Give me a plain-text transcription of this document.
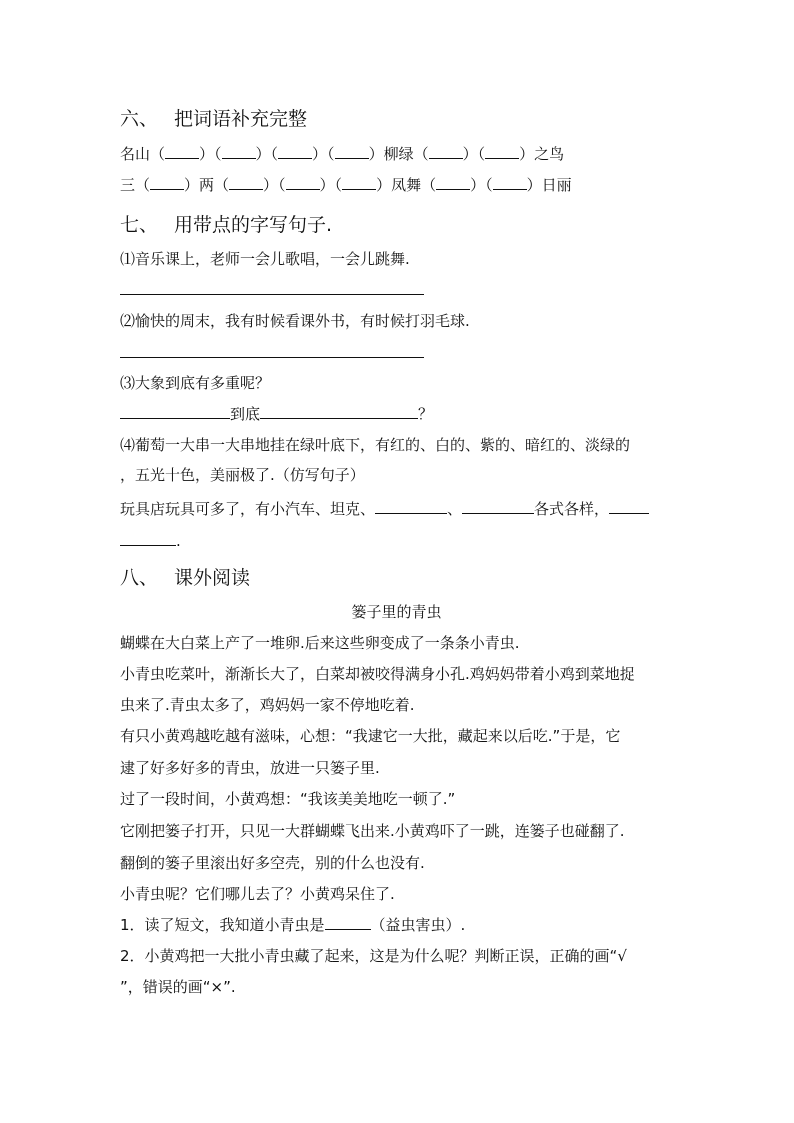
六、 把词语补充完整
名山（ ）（ ）（ ）（ ）柳绿（ ）（ ）之鸟
三（ ）两（ ）（ ）（ ）凤舞（ ）（ ）日丽
七、 用带点的字写句子.
⑴音乐课上，老师一会儿歌唱，一会儿跳舞.
⑵愉快的周末，我有时候看课外书，有时候打羽毛球.
⑶大象到底有多重呢？
到底	？
⑷葡萄一大串一大串地挂在绿叶底下，有红的、白的、紫的、暗红的、淡绿的
，五光十色，美丽极了.（仿写句子）
玩具店玩具可多了，有小汽车、坦克、	、	各式各样，
.
八、 课外阅读
篓子里的青虫
蝴蝶在大白菜上产了一堆卵.后来这些卵变成了一条条小青虫.
小青虫吃菜叶，渐渐长大了，白菜却被咬得满身小孔.鸡妈妈带着小鸡到菜地捉
虫来了.青虫太多了，鸡妈妈一家不停地吃着.
有只小黄鸡越吃越有滋味，心想：“我逮它一大批，藏起来以后吃.”于是，它
逮了好多好多的青虫，放进一只篓子里.
过了一段时间，小黄鸡想：“我该美美地吃一顿了.”
它刚把篓子打开，只见一大群蝴蝶飞出来.小黄鸡吓了一跳，连篓子也碰翻了.
翻倒的篓子里滚出好多空壳，别的什么也没有.
小青虫呢？它们哪儿去了？小黄鸡呆住了.
1．读了短文，我知道小青虫是	（益虫害虫）.
2．小黄鸡把一大批小青虫藏了起来，这是为什么呢？判断正误，正确的画“√
”，错误的画“×”.
